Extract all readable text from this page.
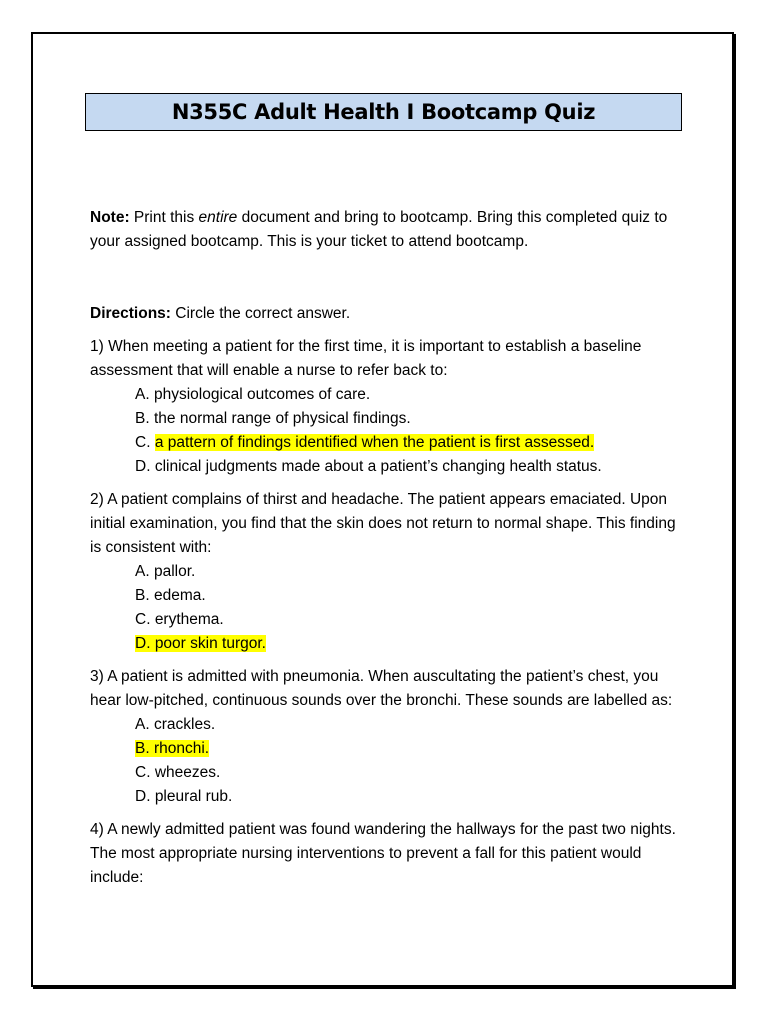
N355C Adult Health I Bootcamp Quiz

Note: Print this entire document and bring to bootcamp. Bring this completed quiz to your assigned bootcamp. This is your ticket to attend bootcamp.

Directions: Circle the correct answer.

1) When meeting a patient for the first time, it is important to establish a baseline assessment that will enable a nurse to refer back to:

A. physiological outcomes of care.
B. the normal range of physical findings.
C. a pattern of findings identified when the patient is first assessed.
D. clinical judgments made about a patient’s changing health status.

2) A patient complains of thirst and headache. The patient appears emaciated. Upon initial examination, you find that the skin does not return to normal shape. This finding is consistent with:

A. pallor.
B. edema.
C. erythema.
D. poor skin turgor.

3) A patient is admitted with pneumonia. When auscultating the patient’s chest, you hear low-pitched, continuous sounds over the bronchi. These sounds are labelled as:

A. crackles.
B. rhonchi.
C. wheezes.
D. pleural rub.

4) A newly admitted patient was found wandering the hallways for the past two nights. The most appropriate nursing interventions to prevent a fall for this patient would include:
